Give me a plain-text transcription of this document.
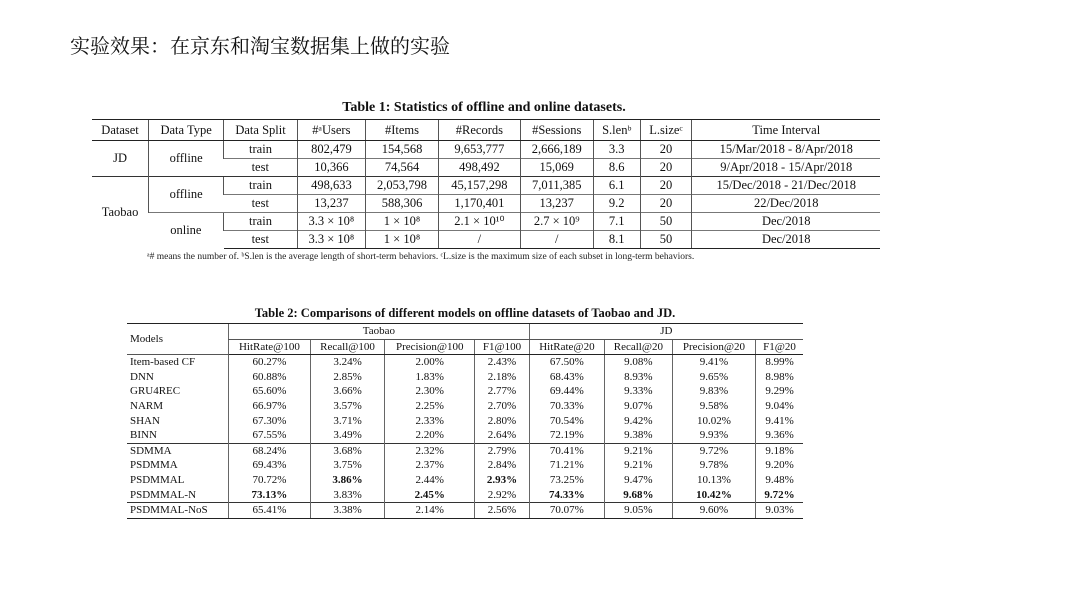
实验效果：在京东和淘宝数据集上做的实验
Table 1: Statistics of offline and online datasets.
Dataset	Data Type	Data Split	#ᵃUsers	#Items	#Records	#Sessions	S.lenᵇ	L.sizeᶜ	Time Interval
JD	offline	train	802,479	154,568	9,653,777	2,666,189	3.3	20	15/Mar/2018 - 8/Apr/2018
		test	10,366	74,564	498,492	15,069	8.6	20	9/Apr/2018 - 15/Apr/2018
Taobao	offline	train	498,633	2,053,798	45,157,298	7,011,385	6.1	20	15/Dec/2018 - 21/Dec/2018
		test	13,237	588,306	1,170,401	13,237	9.2	20	22/Dec/2018
	online	train	3.3 × 10⁸	1 × 10⁸	2.1 × 10¹⁰	2.7 × 10⁹	7.1	50	Dec/2018
		test	3.3 × 10⁸	1 × 10⁸	/	/	8.1	50	Dec/2018
ᵃ# means the number of. ᵇS.len is the average length of short-term behaviors. ᶜL.size is the maximum size of each subset in long-term behaviors.
Table 2: Comparisons of different models on offline datasets of Taobao and JD.
Models	Taobao				JD			
	HitRate@100	Recall@100	Precision@100	F1@100	HitRate@20	Recall@20	Precision@20	F1@20
Item-based CF	60.27 %	3.24 %	2.00 %	2.43 %	67.50 %	9.08 %	9.41 %	8.99 %
DNN	60.88 %	2.85 %	1.83 %	2.18 %	68.43 %	8.93 %	9.65 %	8.98 %
GRU4REC	65.60 %	3.66 %	2.30 %	2.77 %	69.44 %	9.33 %	9.83 %	9.29 %
NARM	66.97 %	3.57 %	2.25 %	2.70 %	70.33 %	9.07 %	9.58 %	9.04 %
SHAN	67.30 %	3.71 %	2.33 %	2.80 %	70.54 %	9.42 %	10.02 %	9.41 %
BINN	67.55 %	3.49 %	2.20 %	2.64 %	72.19 %	9.38 %	9.93 %	9.36 %
SDMMA	68.24 %	3.68 %	2.32 %	2.79 %	70.41 %	9.21 %	9.72 %	9.18 %
PSDMMA	69.43 %	3.75 %	2.37 %	2.84 %	71.21 %	9.21 %	9.78 %	9.20 %
PSDMMAL	70.72 %	3.86 %	2.44 %	2.93 %	73.25 %	9.47 %	10.13 %	9.48 %
PSDMMAL-N	73.13 %	3.83 %	2.45 %	2.92 %	74.33 %	9.68 %	10.42 %	9.72 %
PSDMMAL-NoS	65.41 %	3.38 %	2.14 %	2.56 %	70.07 %	9.05 %	9.60 %	9.03 %
